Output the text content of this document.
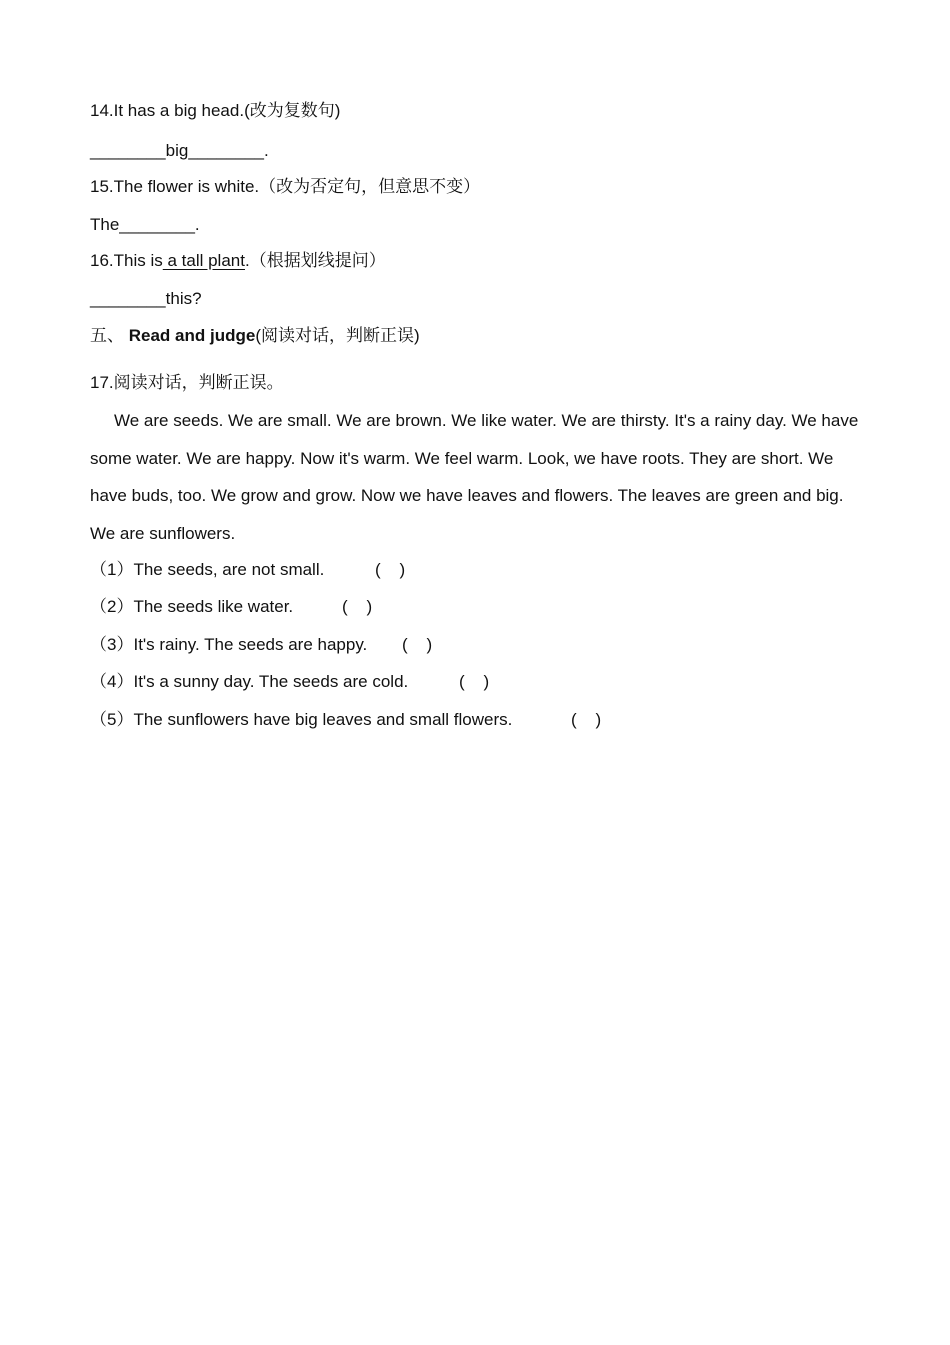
14.It has a big head.(改为复数句)
________big________.
15.The flower is white.（改为否定句，但意思不变）
The________.
16.This is a tall plant.（根据划线提问）
________this?
五、 Read and judge(阅读对话，判断正误)
17.阅读对话，判断正误。
We are seeds. We are small. We are brown. We like water. We are thirsty. It's a rainy day. We have some water. We are happy. Now it's warm. We feel warm. Look, we have roots. They are short. We have buds, too. We grow and grow. Now we have leaves and flowers. The leaves are green and big. We are sunflowers.
（1）The seeds, are not small.	(    )
（2）The seeds like water.	(    )
（3）It's rainy. The seeds are happy. (    )
（4）It's a sunny day. The seeds are cold.	(    )
（5）The sunflowers have big leaves and small flowers.	(    )
